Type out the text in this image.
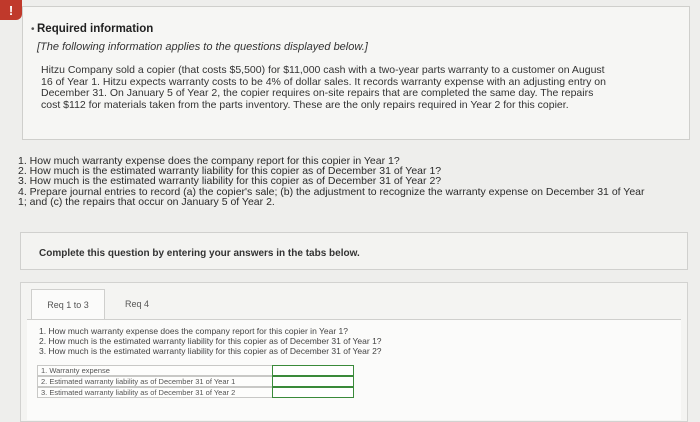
!
• Required information
[The following information applies to the questions displayed below.]
Hitzu Company sold a copier (that costs $5,500) for $11,000 cash with a two-year parts warranty to a customer on August
16 of Year 1. Hitzu expects warranty costs to be 4% of dollar sales. It records warranty expense with an adjusting entry on
December 31. On January 5 of Year 2, the copier requires on-site repairs that are completed the same day. The repairs
cost $112 for materials taken from the parts inventory. These are the only repairs required in Year 2 for this copier.
1. How much warranty expense does the company report for this copier in Year 1?
2. How much is the estimated warranty liability for this copier as of December 31 of Year 1?
3. How much is the estimated warranty liability for this copier as of December 31 of Year 2?
4. Prepare journal entries to record (a) the copier's sale; (b) the adjustment to recognize the warranty expense on December 31 of Year
1; and (c) the repairs that occur on January 5 of Year 2.
Complete this question by entering your answers in the tabs below.
Req 1 to 3	Req 4
1. How much warranty expense does the company report for this copier in Year 1?
2. How much is the estimated warranty liability for this copier as of December 31 of Year 1?
3. How much is the estimated warranty liability for this copier as of December 31 of Year 2?
1. Warranty expense
2. Estimated warranty liability as of December 31 of Year 1
3. Estimated warranty liability as of December 31 of Year 2
